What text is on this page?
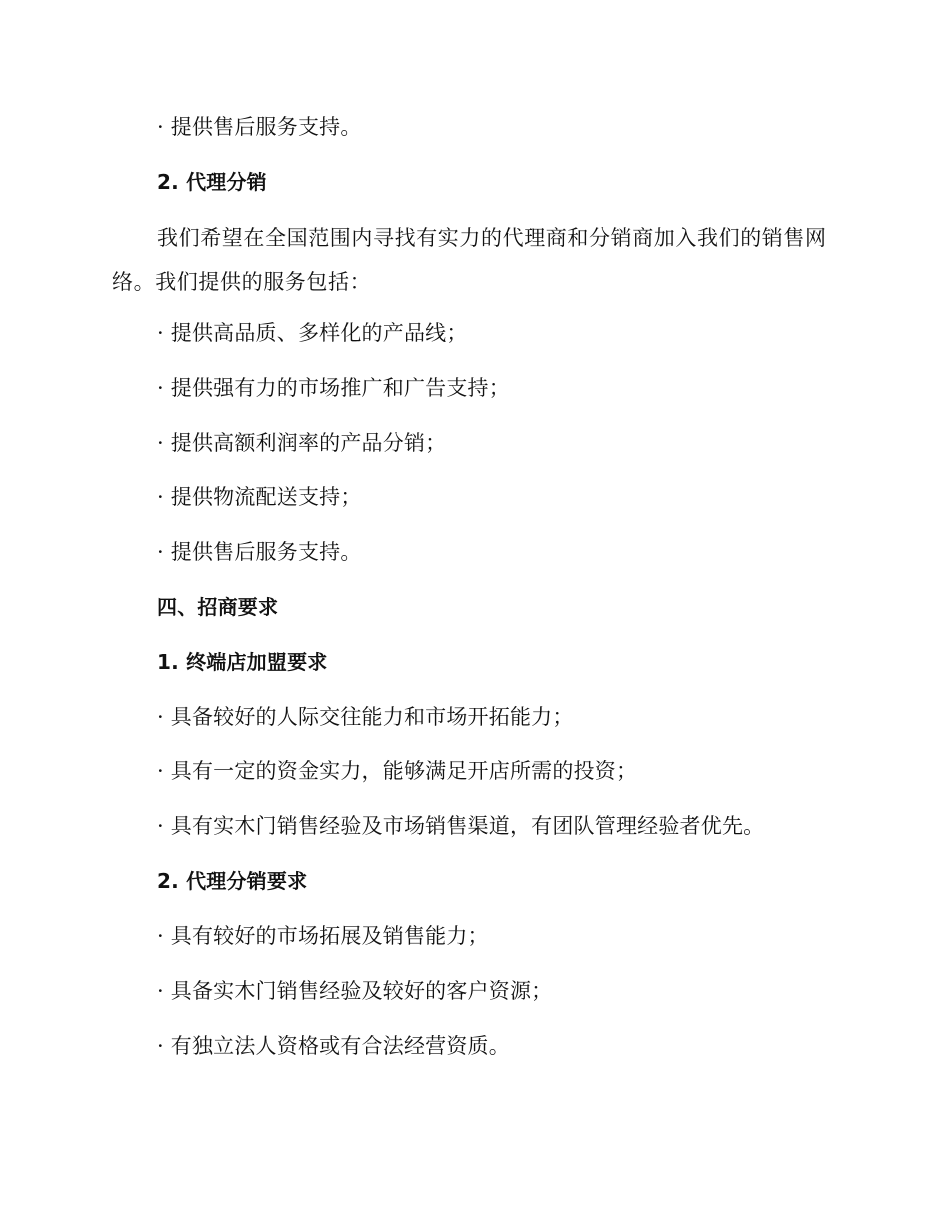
· 提供售后服务支持。
2. 代理分销
我们希望在全国范围内寻找有实力的代理商和分销商加入我们的销售网络。我们提供的服务包括：
· 提供高品质、多样化的产品线；
· 提供强有力的市场推广和广告支持；
· 提供高额利润率的产品分销；
· 提供物流配送支持；
· 提供售后服务支持。
四、招商要求
1. 终端店加盟要求
· 具备较好的人际交往能力和市场开拓能力；
· 具有一定的资金实力，能够满足开店所需的投资；
· 具有实木门销售经验及市场销售渠道，有团队管理经验者优先。
2. 代理分销要求
· 具有较好的市场拓展及销售能力；
· 具备实木门销售经验及较好的客户资源；
· 有独立法人资格或有合法经营资质。
